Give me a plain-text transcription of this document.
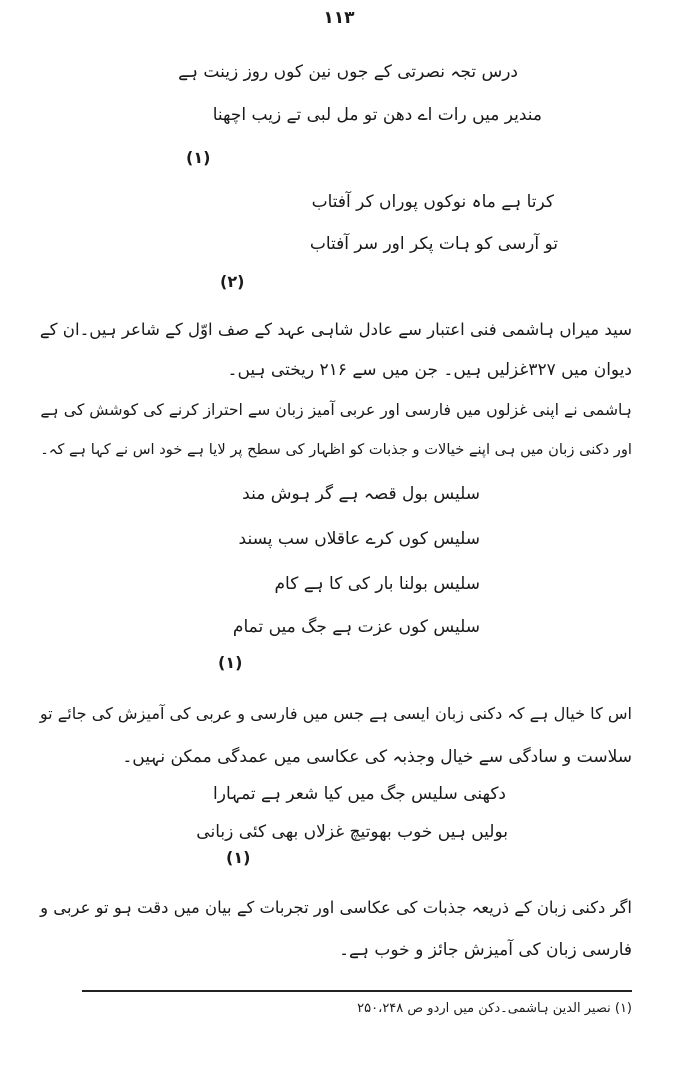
١١٣
درس تجہ نصرتی کے جوں نین کوں روز زینت ہے
مندیر میں رات اے دھن تو مل لبی تے زیب اچھنا
(۱)
کرتا ہے ماہ نوکوں پوراں کر آفتاب
تو آرسی کو ہات پکر اور سر آفتاب
(۲)
سید میراں ہاشمی فنی اعتبار سے عادل شاہی عہد کے صف اوّل کے شاعر ہیں۔ان کے
دیوان میں ۳۲۷غزلیں ہیں۔ جن میں سے ۲۱۶ ریختی ہیں۔
ہاشمی نے اپنی غزلوں میں فارسی اور عربی آمیز زبان سے احتراز کرنے کی کوشش کی ہے
اور دکنی زبان میں ہی اپنے خیالات و جذبات کو اظہار کی سطح پر لایا ہے خود اس نے کہا ہے کہ۔
سلیس بول قصہ ہے گر ہوش مند
سلیس کوں کرے عاقلاں سب پسند
سلیس بولنا بار کی کا ہے کام
سلیس کوں عزت ہے جگ میں تمام
(۱)
اس کا خیال ہے کہ دکنی زبان ایسی ہے جس میں فارسی و عربی کی آمیزش کی جائے تو
سلاست و سادگی سے خیال وجذبہ کی عکاسی میں عمدگی ممکن نہیں۔
دکھنی سلیس جگ میں کیا شعر ہے تمہارا
بولیں ہیں خوب بھوتیچ غزلاں بھی کئی زبانی
(۱)
اگر دکنی زبان کے ذریعہ جذبات کی عکاسی اور تجربات کے بیان میں دقت ہو تو عربی و
فارسی زبان کی آمیزش جائز و خوب ہے۔
(۱) نصیر الدین ہاشمی۔دکن میں اردو ص ۲۵۰،۲۴۸
